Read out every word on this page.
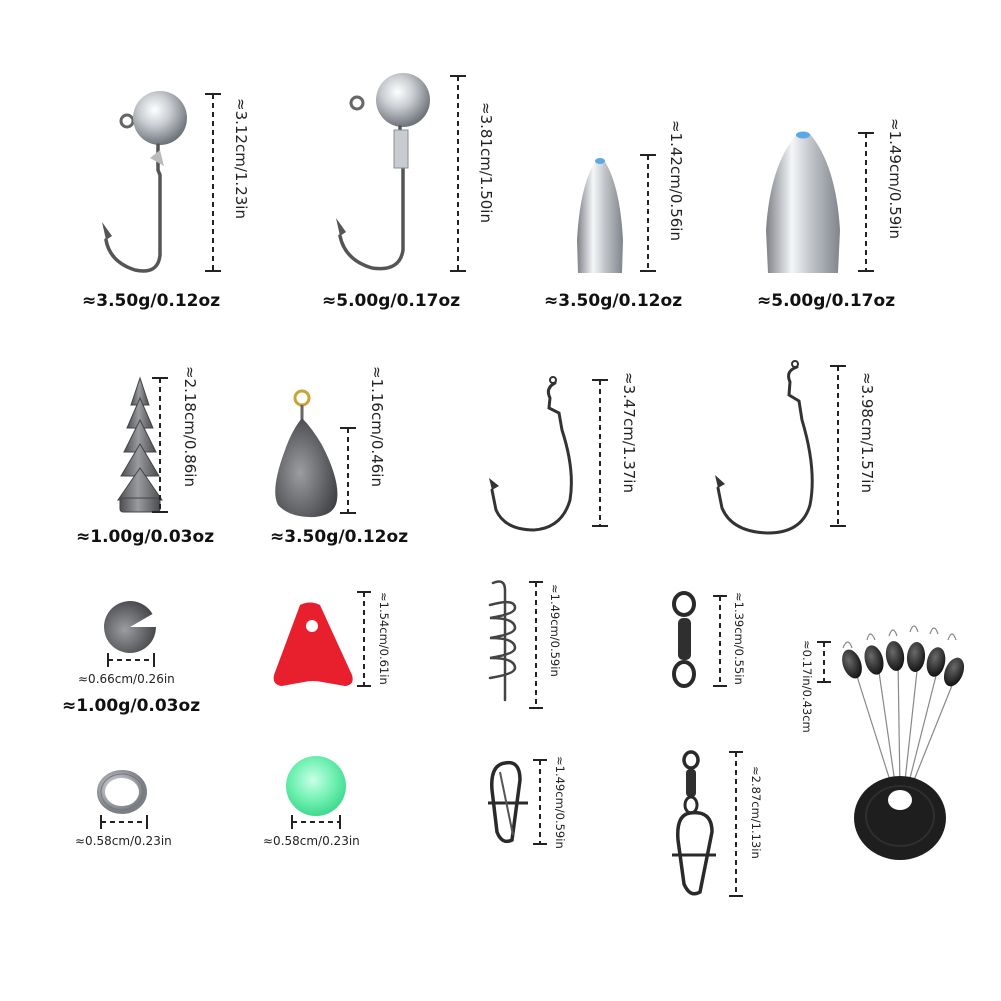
≈3.12cm/1.23in
≈3.50g/0.12oz
≈3.81cm/1.50in
≈5.00g/0.17oz
≈1.42cm/0.56in
≈3.50g/0.12oz
≈1.49cm/0.59in
≈5.00g/0.17oz
≈2.18cm/0.86in
≈1.00g/0.03oz
≈1.16cm/0.46in
≈3.50g/0.12oz
≈3.47cm/1.37in	≈3.98cm/1.57in
≈0.66cm/0.26in
≈1.00g/0.03oz
≈1.54cm/0.61in	≈1.49cm/0.59in	≈1.39cm/0.55in
≈0.17in/0.43cm
≈0.58cm/0.23in	≈0.58cm/0.23in	≈1.49cm/0.59in	≈2.87cm/1.13in
